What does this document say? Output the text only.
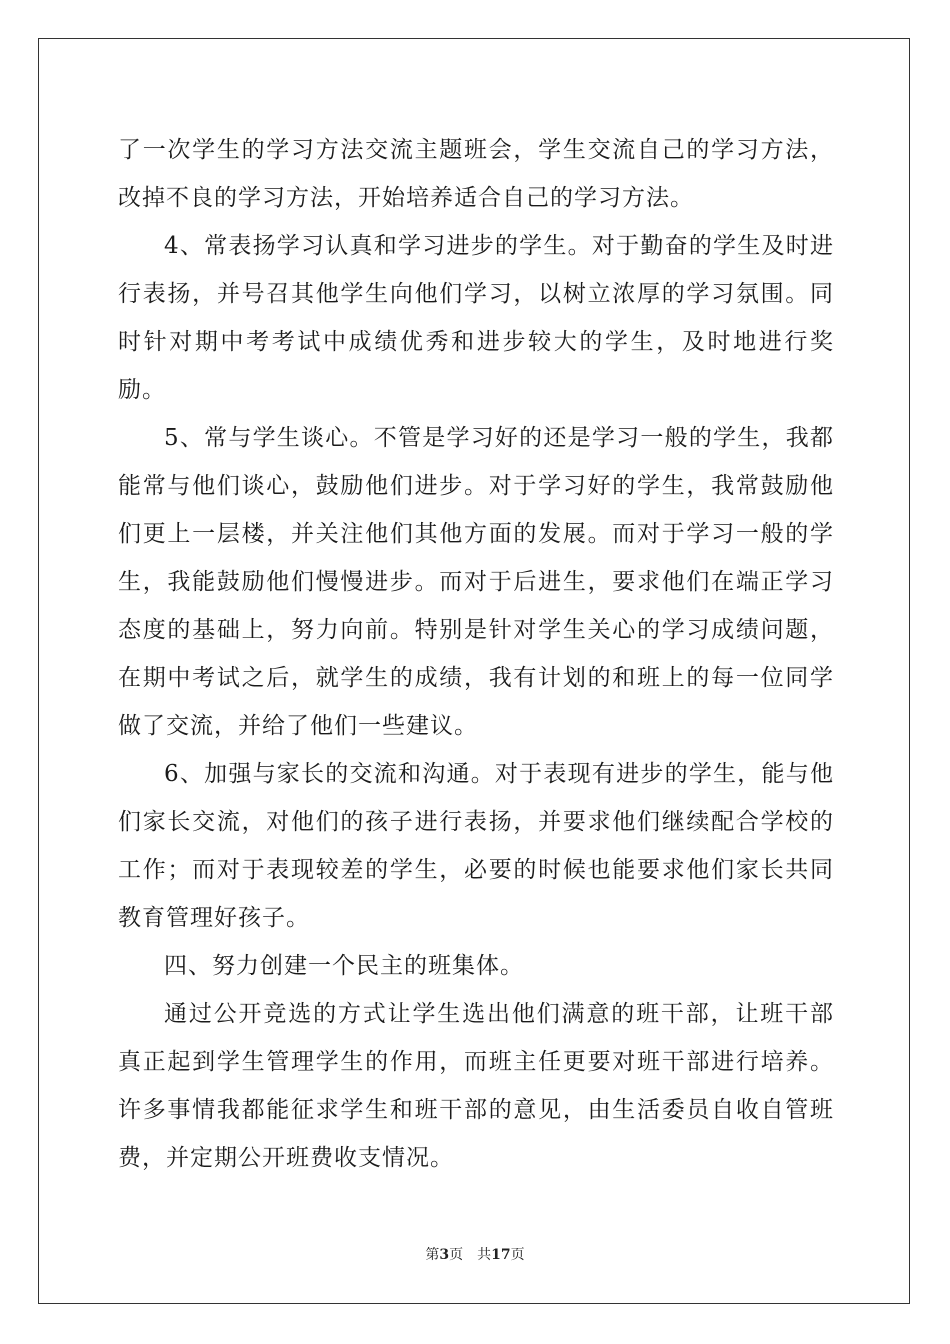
了一次学生的学习方法交流主题班会，学生交流自己的学习方法，改掉不良的学习方法，开始培养适合自己的学习方法。

4、常表扬学习认真和学习进步的学生。对于勤奋的学生及时进行表扬，并号召其他学生向他们学习，以树立浓厚的学习氛围。同时针对期中考考试中成绩优秀和进步较大的学生，及时地进行奖励。

5、常与学生谈心。不管是学习好的还是学习一般的学生，我都能常与他们谈心，鼓励他们进步。对于学习好的学生，我常鼓励他们更上一层楼，并关注他们其他方面的发展。而对于学习一般的学生，我能鼓励他们慢慢进步。而对于后进生，要求他们在端正学习态度的基础上，努力向前。特别是针对学生关心的学习成绩问题，在期中考试之后，就学生的成绩，我有计划的和班上的每一位同学做了交流，并给了他们一些建议。

6、加强与家长的交流和沟通。对于表现有进步的学生，能与他们家长交流，对他们的孩子进行表扬，并要求他们继续配合学校的工作；而对于表现较差的学生，必要的时候也能要求他们家长共同教育管理好孩子。

四、努力创建一个民主的班集体。

通过公开竞选的方式让学生选出他们满意的班干部，让班干部真正起到学生管理学生的作用，而班主任更要对班干部进行培养。许多事情我都能征求学生和班干部的意见，由生活委员自收自管班费，并定期公开班费收支情况。

第3页 共17页
